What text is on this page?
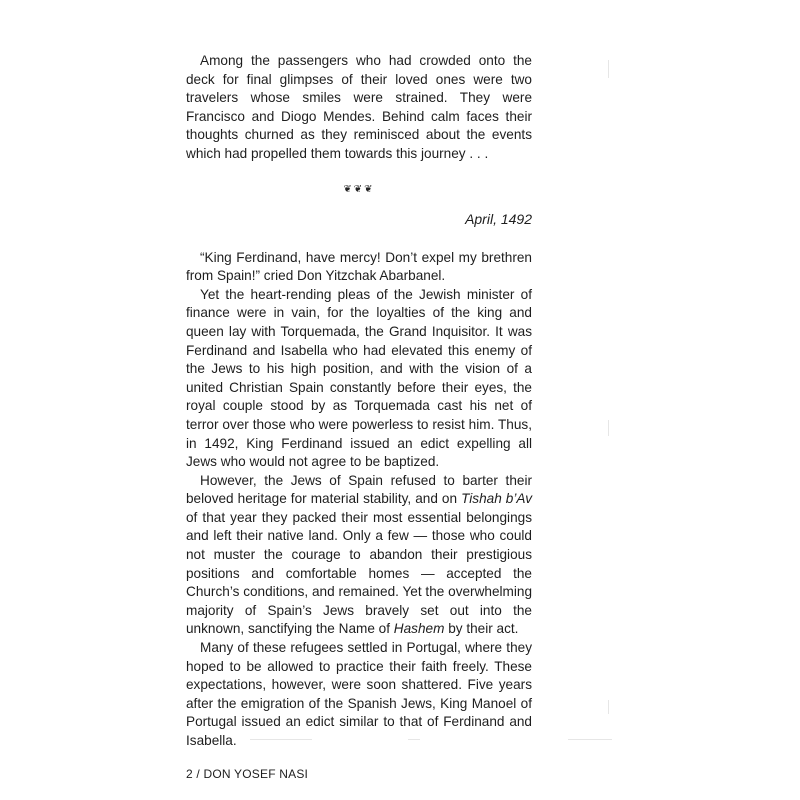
Among the passengers who had crowded onto the deck for final glimpses of their loved ones were two travelers whose smiles were strained. They were Francisco and Diogo Mendes. Behind calm faces their thoughts churned as they reminisced about the events which had propelled them towards this journey . . .

❦❦❦
April, 1492

“King Ferdinand, have mercy! Don’t expel my brethren from Spain!” cried Don Yitzchak Abarbanel.

Yet the heart-rending pleas of the Jewish minister of finance were in vain, for the loyalties of the king and queen lay with Torquemada, the Grand Inquisitor. It was Ferdinand and Isabella who had elevated this enemy of the Jews to his high position, and with the vision of a united Christian Spain constantly before their eyes, the royal couple stood by as Torquemada cast his net of terror over those who were powerless to resist him. Thus, in 1492, King Ferdinand issued an edict expelling all Jews who would not agree to be baptized.

However, the Jews of Spain refused to barter their beloved heritage for material stability, and on Tishah b’Av of that year they packed their most essential belongings and left their native land. Only a few — those who could not muster the courage to abandon their prestigious positions and comfortable homes — accepted the Church’s conditions, and remained. Yet the overwhelming majority of Spain’s Jews bravely set out into the unknown, sanctifying the Name of Hashem by their act.

Many of these refugees settled in Portugal, where they hoped to be allowed to practice their faith freely. These expectations, however, were soon shattered. Five years after the emigration of the Spanish Jews, King Manoel of Portugal issued an edict similar to that of Ferdinand and Isabella.

2 / DON YOSEF NASI
